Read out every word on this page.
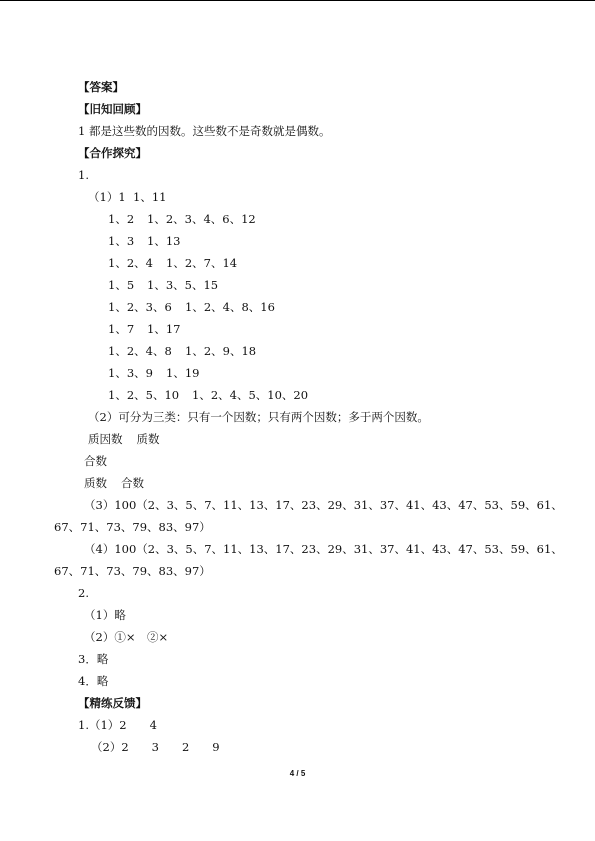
【答案】
【旧知回顾】
1 都是这些数的因数。这些数不是奇数就是偶数。
【合作探究】
1.
（1）1 1、11
1、2 1、2、3、4、6、12
1、3 1、13
1、2、4 1、2、7、14
1、5 1、3、5、15
1、2、3、6 1、2、4、8、16
1、7 1、17
1、2、4、8 1、2、9、18
1、3、9 1、19
1、2、5、10 1、2、4、5、10、20
（2）可分为三类：只有一个因数；只有两个因数；多于两个因数。
质因数 质数
合数
质数 合数
（3）100（2、3、5、7、11、13、17、23、29、31、37、41、43、47、53、59、61、
67、71、73、79、83、97）
（4）100（2、3、5、7、11、13、17、23、29、31、37、41、43、47、53、59、61、
67、71、73、79、83、97）
2.
（1）略
（2）①×　②×
3．略
4．略
【精练反馈】
1.（1）2　　4
（2）2　　3　　2　　9
4 / 5
